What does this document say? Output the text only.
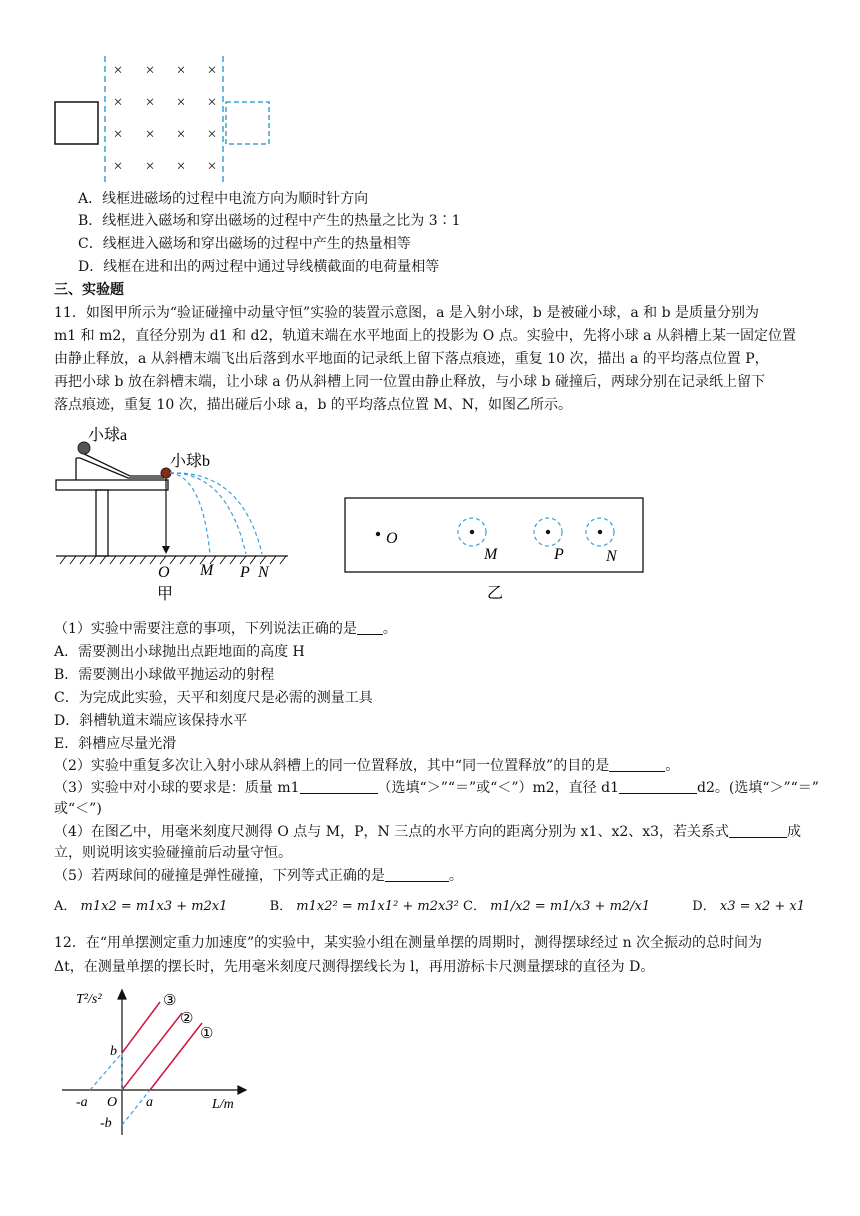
× × × ×
× × × ×
× × × ×
× × × ×
A．线框进磁场的过程中电流方向为顺时针方向
B．线框进入磁场和穿出磁场的过程中产生的热量之比为 3∶1
C．线框进入磁场和穿出磁场的过程中产生的热量相等
D．线框在进和出的两过程中通过导线横截面的电荷量相等
三、实验题
11．如图甲所示为“验证碰撞中动量守恒”实验的装置示意图，a 是入射小球，b 是被碰小球，a 和 b 是质量分别为
m1 和 m2，直径分别为 d1 和 d2，轨道末端在水平地面上的投影为 O 点。实验中，先将小球 a 从斜槽上某一固定位置
由静止释放，a 从斜槽末端飞出后落到水平地面的记录纸上留下落点痕迹，重复 10 次，描出 a 的平均落点位置 P，
再把小球 b 放在斜槽末端，让小球 a 仍从斜槽上同一位置由静止释放，与小球 b 碰撞后，两球分别在记录纸上留下
落点痕迹，重复 10 次，描出碰后小球 a，b 的平均落点位置 M、N，如图乙所示。
小球a
小球b
O M P N
甲
O
M	P	N
乙
（1）实验中需要注意的事项，下列说法正确的是 。
A．需要测出小球抛出点距地面的高度 H
B．需要测出小球做平抛运动的射程
C．为完成此实验，天平和刻度尺是必需的测量工具
D．斜槽轨道末端应该保持水平
E．斜槽应尽量光滑
（2）实验中重复多次让入射小球从斜槽上的同一位置释放，其中“同一位置释放”的目的是	。
（3）实验中对小球的要求是：质量 m1	（选填“＞”“＝”或“＜”）m2，直径 d1	d2。(选填“＞”“＝”
或“＜”)
（4）在图乙中，用毫米刻度尺测得 O 点与 M，P，N 三点的水平方向的距离分别为 x1、x2、x3，若关系式	成
立，则说明该实验碰撞前后动量守恒。
（5）若两球间的碰撞是弹性碰撞，下列等式正确的是	。
A． m1x2 = m1x3 + m2x1	B． m1x2² = m1x1² + m2x3² C． m1/x2 = m1/x3 + m2/x1	D． x3 = x2 + x1
12．在“用单摆测定重力加速度”的实验中，某实验小组在测量单摆的周期时，测得摆球经过 n 次全振动的总时间为
Δt，在测量单摆的摆长时，先用毫米刻度尺测得摆线长为 l，再用游标卡尺测量摆球的直径为 D。
T²/s²
L/m
O
b
-b
a
-a
③
②
①
